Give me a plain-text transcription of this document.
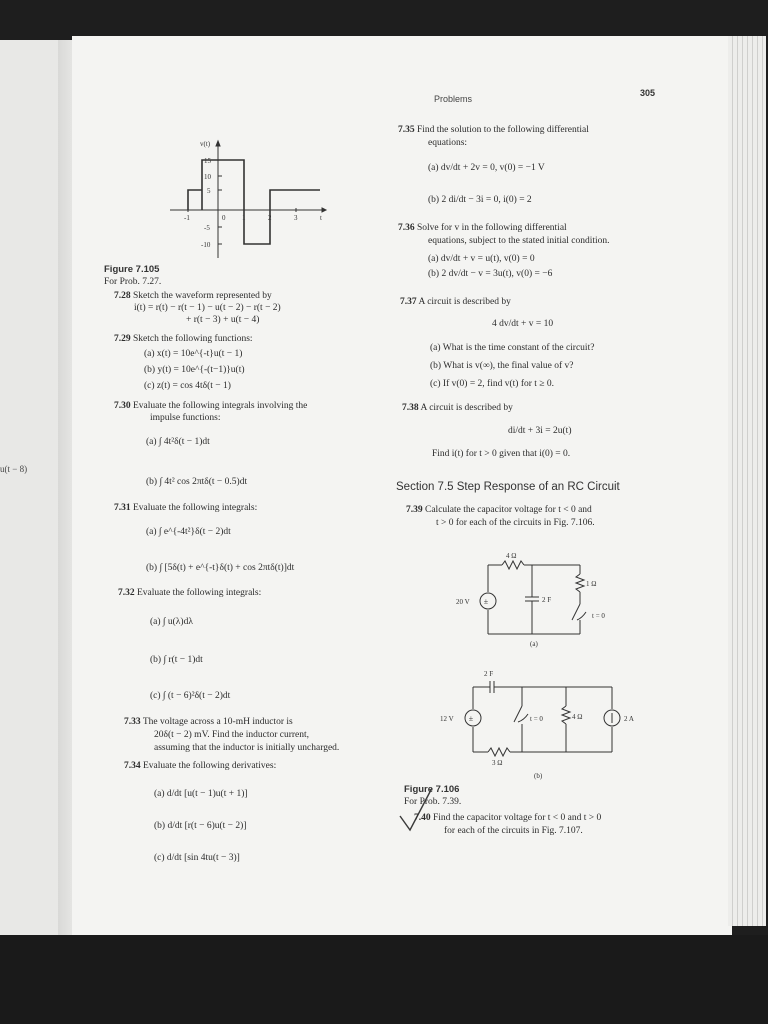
u(t − 8)
Problems
305
v(t)
15
10
5
-5
-10
-1	0 1	2	3	t
Figure 7.105
For Prob. 7.27.
7.28 Sketch the waveform represented by
i(t) = r(t) − r(t − 1) − u(t − 2) − r(t − 2)
+ r(t − 3) + u(t − 4)
7.29 Sketch the following functions:
(a) x(t) = 10e^{-t}u(t − 1)
(b) y(t) = 10e^{-(t−1)}u(t)
(c) z(t) = cos 4tδ(t − 1)
7.30 Evaluate the following integrals involving the
impulse functions:
(a) ∫ 4t²δ(t − 1)dt
(b) ∫ 4t² cos 2πtδ(t − 0.5)dt
7.31 Evaluate the following integrals:
(a) ∫ e^{-4t²}δ(t − 2)dt
(b) ∫ [5δ(t) + e^{-t}δ(t) + cos 2πtδ(t)]dt
7.32 Evaluate the following integrals:
(a) ∫ u(λ)dλ
(b) ∫ r(t − 1)dt
(c) ∫ (t − 6)²δ(t − 2)dt
7.33 The voltage across a 10-mH inductor is
20δ(t − 2) mV. Find the inductor current,
assuming that the inductor is initially uncharged.
7.34 Evaluate the following derivatives:
(a) d/dt [u(t − 1)u(t + 1)]
(b) d/dt [r(t − 6)u(t − 2)]
(c) d/dt [sin 4tu(t − 3)]
7.35 Find the solution to the following differential
equations:
(a) dv/dt + 2v = 0, v(0) = −1 V
(b) 2 di/dt − 3i = 0, i(0) = 2
7.36 Solve for v in the following differential
equations, subject to the stated initial condition.
(a) dv/dt + v = u(t), v(0) = 0
(b) 2 dv/dt − v = 3u(t), v(0) = −6
7.37 A circuit is described by
4 dv/dt + v = 10
(a) What is the time constant of the circuit?
(b) What is v(∞), the final value of v?
(c) If v(0) = 2, find v(t) for t ≥ 0.
7.38 A circuit is described by
di/dt + 3i = 2u(t)
Find i(t) for t > 0 given that i(0) = 0.
Section 7.5 Step Response of an RC Circuit
7.39 Calculate the capacitor voltage for t < 0 and
t > 0 for each of the circuits in Fig. 7.106.
±
4 Ω
20 V	2 F
1 Ω
t = 0
(a)
±
2 F
12 V	t = 0	4 Ω	2 A
3 Ω
(b)
Figure 7.106
For Prob. 7.39.
7.40 Find the capacitor voltage for t < 0 and t > 0
for each of the circuits in Fig. 7.107.
